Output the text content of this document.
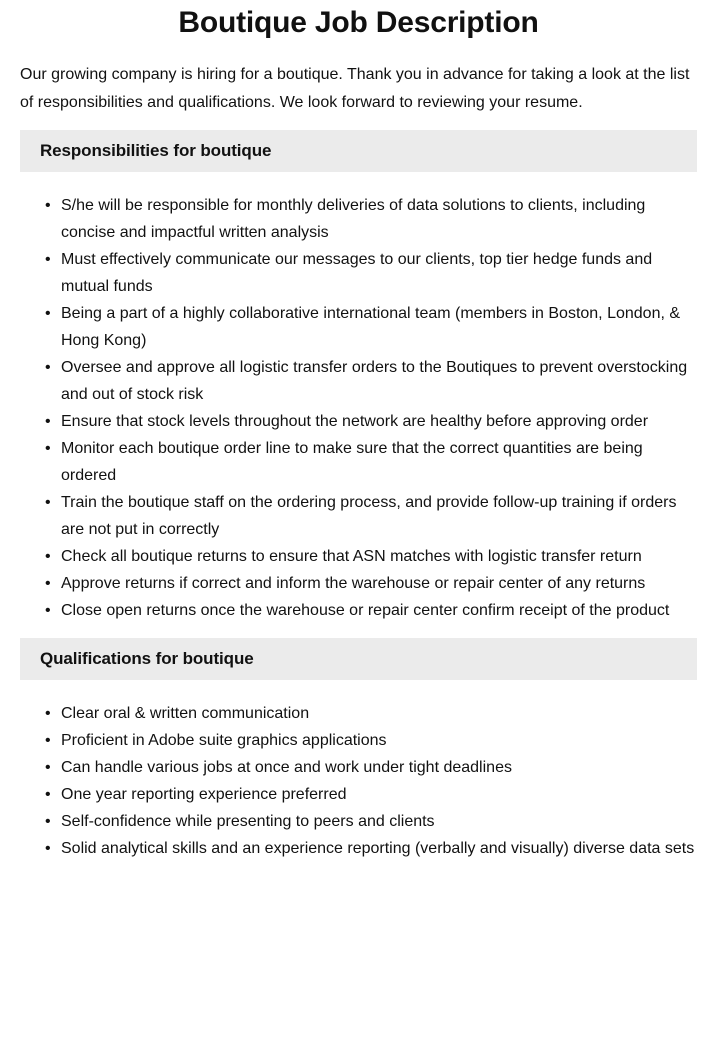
Boutique Job Description

Our growing company is hiring for a boutique. Thank you in advance for taking a look at the list of responsibilities and qualifications. We look forward to reviewing your resume.

Responsibilities for boutique
• S/he will be responsible for monthly deliveries of data solutions to clients, including concise and impactful written analysis
• Must effectively communicate our messages to our clients, top tier hedge funds and mutual funds
• Being a part of a highly collaborative international team (members in Boston, London, & Hong Kong)
• Oversee and approve all logistic transfer orders to the Boutiques to prevent overstocking and out of stock risk
• Ensure that stock levels throughout the network are healthy before approving order
• Monitor each boutique order line to make sure that the correct quantities are being ordered
• Train the boutique staff on the ordering process, and provide follow-up training if orders are not put in correctly
• Check all boutique returns to ensure that ASN matches with logistic transfer return
• Approve returns if correct and inform the warehouse or repair center of any returns
• Close open returns once the warehouse or repair center confirm receipt of the product
Qualifications for boutique
• Clear oral & written communication
• Proficient in Adobe suite graphics applications
• Can handle various jobs at once and work under tight deadlines
• One year reporting experience preferred
• Self-confidence while presenting to peers and clients
• Solid analytical skills and an experience reporting (verbally and visually) diverse data sets
